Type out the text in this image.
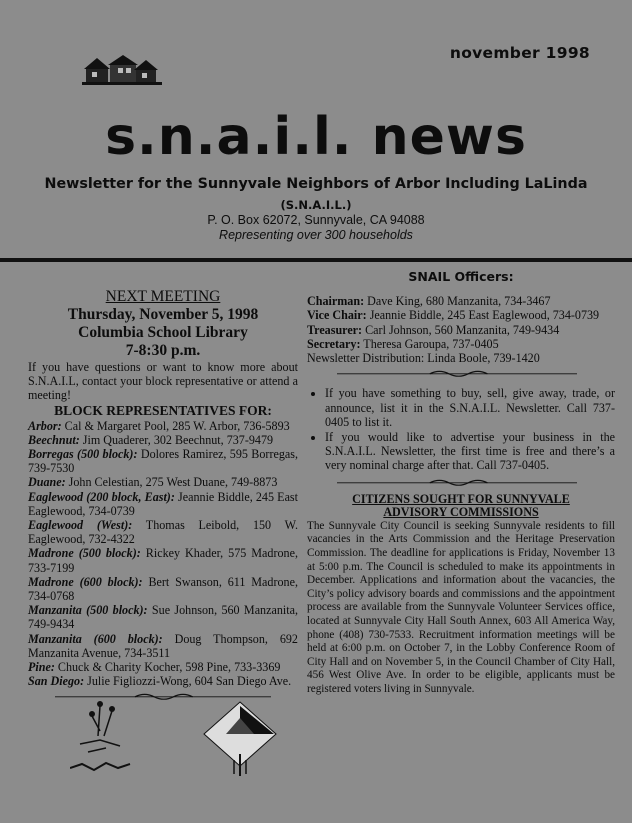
november 1998
s.n.a.i.l. news
Newsletter for the Sunnyvale Neighbors of Arbor Including LaLinda
(S.N.A.I.L.)
P. O. Box 62072, Sunnyvale, CA 94088
Representing over 300 households
NEXT MEETING
Thursday, November 5, 1998
Columbia School Library
7-8:30 p.m.

If you have questions or want to know more about S.N.A.I.L, contact your block representative or attend a meeting!

BLOCK REPRESENTATIVES FOR:

Arbor: Cal & Margaret Pool, 285 W. Arbor, 736-5893

Beechnut: Jim Quaderer, 302 Beechnut, 737-9479

Borregas (500 block): Dolores Ramirez, 595 Borregas, 739-7530

Duane: John Celestian, 275 West Duane, 749-8873

Eaglewood (200 block, East): Jeannie Biddle, 245 East Eaglewood, 734-0739

Eaglewood (West): Thomas Leibold, 150 W. Eaglewood, 732-4322

Madrone (500 block): Rickey Khader, 575 Madrone, 733-7199

Madrone (600 block): Bert Swanson, 611 Madrone, 734-0768

Manzanita (500 block): Sue Johnson, 560 Manzanita, 749-9434

Manzanita (600 block): Doug Thompson, 692 Manzanita Avenue, 734-3511

Pine: Chuck & Charity Kocher, 598 Pine, 733-3369

San Diego: Julie Figliozzi-Wong, 604 San Diego Ave.

SNAIL Officers:

Chairman: Dave King, 680 Manzanita, 734-3467

Vice Chair: Jeannie Biddle, 245 East Eaglewood, 734-0739

Treasurer: Carl Johnson, 560 Manzanita, 749-9434

Secretary: Theresa Garoupa, 737-0405

Newsletter Distribution: Linda Boole, 739-1420

• If you have something to buy, sell, give away, trade, or announce, list it in the S.N.A.I.L. Newsletter. Call 737-0405 to list it.
• If you would like to advertise your business in the S.N.A.I.L. Newsletter, the first time is free and there’s a very nominal charge after that. Call 737-0405.
CITIZENS SOUGHT FOR SUNNYVALE
ADVISORY COMMISSIONS

The Sunnyvale City Council is seeking Sunnyvale residents to fill vacancies in the Arts Commission and the Heritage Preservation Commission. The deadline for applications is Friday, November 13 at 5:00 p.m. The Council is scheduled to make its appointments in December. Applications and information about the vacancies, the City’s policy advisory boards and commissions and the appointment process are available from the Sunnyvale Volunteer Services office, located at Sunnyvale City Hall South Annex, 603 All America Way, phone (408) 730-7533. Recruitment information meetings will be held at 6:00 p.m. on October 7, in the Lobby Conference Room of City Hall and on November 5, in the Council Chamber of City Hall, 456 West Olive Ave. In order to be eligible, applicants must be registered voters living in Sunnyvale.
